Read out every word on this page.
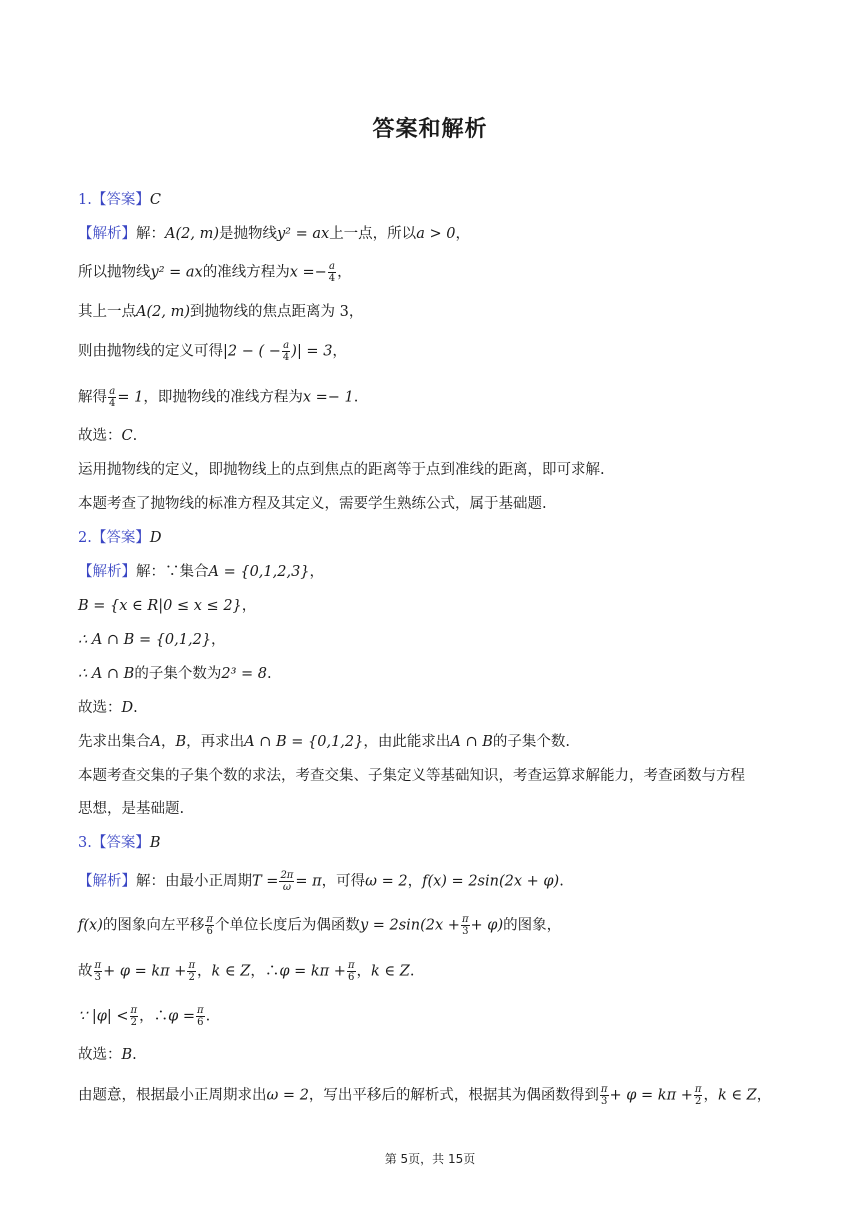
答案和解析
1.【答案】C
【解析】解：A(2, m)是抛物线y² = ax上一点，所以a > 0，
所以抛物线y² = ax的准线方程为$x =- \frac{a}{4}$ ，
其上一点A(2, m)到抛物线的焦点距离为 3，
则由抛物线的定义可得|2 − ( − $\frac{a}{4}$ )| = 3，
解得 $\frac{a}{4} = 1$，即抛物线的准线方程为x =− 1.
故选：C.
运用抛物线的定义，即抛物线上的点到焦点的距离等于点到准线的距离，即可求解.
本题考查了抛物线的标准方程及其定义，需要学生熟练公式，属于基础题.
2.【答案】D
【解析】解：∵集合A = {0,1,2,3}，
B = {x ∈ R|0 ≤ x ≤ 2}，
∴ A ∩ B = {0,1,2}，
∴ A ∩ B的子集个数为2³ = 8.
故选：D.
先求出集合A，B，再求出A ∩ B = {0,1,2}，由此能求出A ∩ B的子集个数.
本题考查交集的子集个数的求法，考查交集、子集定义等基础知识，考查运算求解能力，考查函数与方程
思想，是基础题.
3.【答案】B
【解析】解：由最小正周期$T = \frac{2\pi}{\omega} = \pi$，可得ω = 2，f(x) = 2sin(2x + φ).
f(x)的图象向左平移 $\frac{\pi}{6}$ 个单位长度后为偶函数$y = 2\sin(2x + \frac{\pi}{3} + \varphi)$的图象，
故 $\frac{\pi}{3} + \varphi = k\pi + \frac{\pi}{2}$ ，k ∈ Z，∴φ = $k\pi + \frac{\pi}{6}$ ，k ∈ Z.
∵ $|\varphi| < \frac{\pi}{2}$ ，∴φ = $\frac{\pi}{6}$ .
故选：B.
由题意，根据最小正周期求出ω = 2，写出平移后的解析式，根据其为偶函数得到 $\frac{\pi}{3} + \varphi = k\pi + \frac{\pi}{2}$ ，k ∈ Z，
第 5页，共 15页
